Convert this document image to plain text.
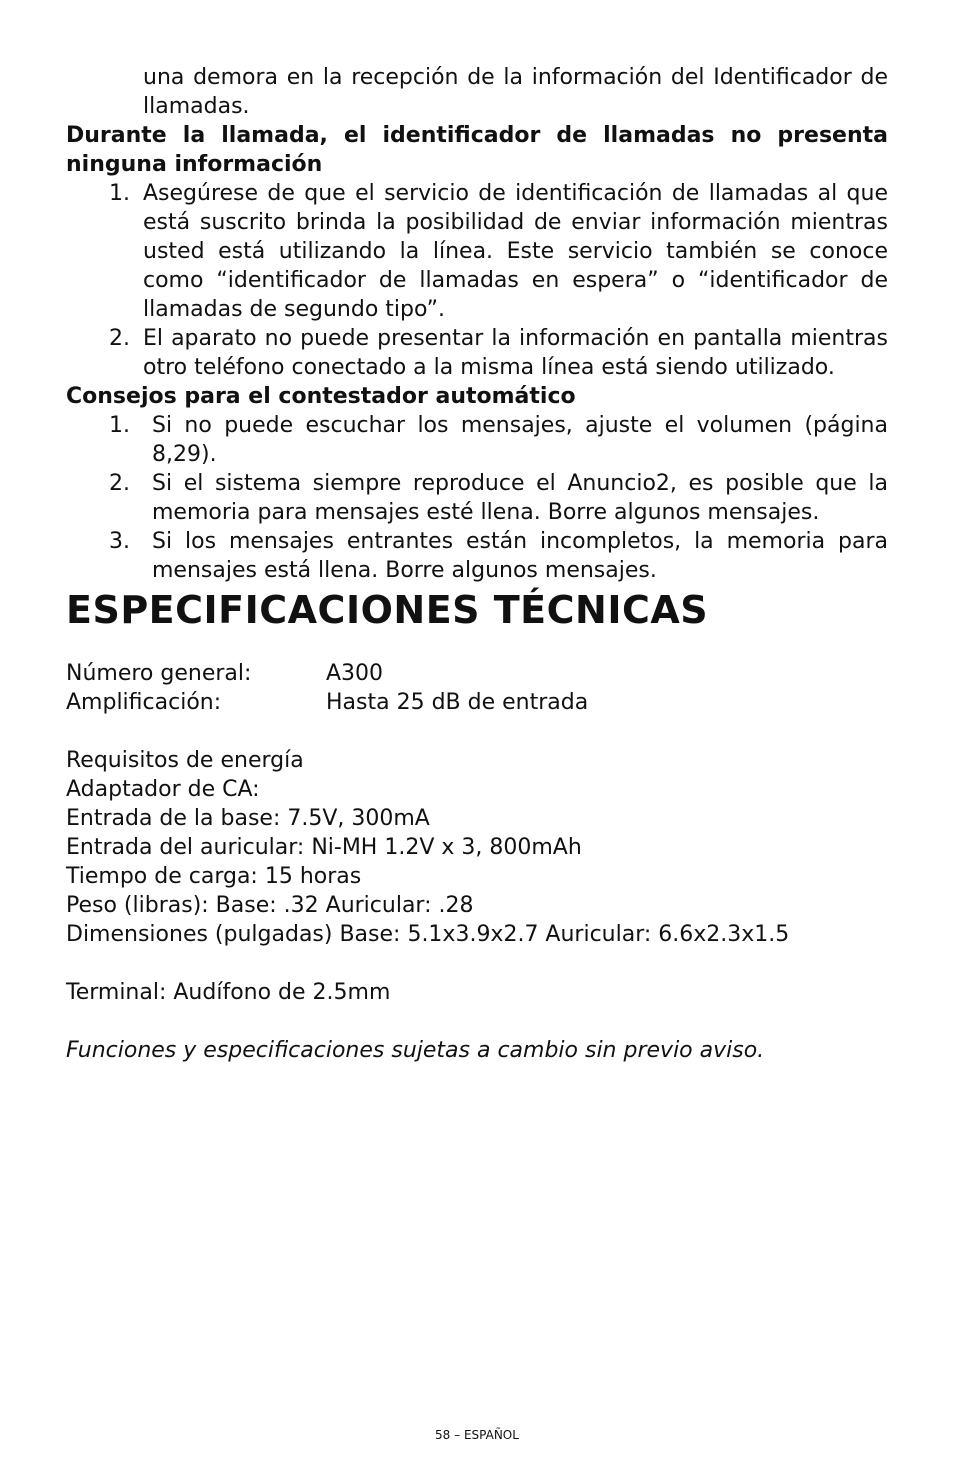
una demora en la recepción de la información del Identificador de llamadas.
Durante la llamada, el identificador de llamadas no presenta ninguna información
1. Asegúrese de que el servicio de identificación de llamadas al que está suscrito brinda la posibilidad de enviar información mientras usted está utilizando la línea. Este servicio también se conoce como “identificador de llamadas en espera” o “identificador de llamadas de segundo tipo”.
2. El aparato no puede presentar la información en pantalla mientras otro teléfono conectado a la misma línea está siendo utilizado.
Consejos para el contestador automático
1. Si no puede escuchar los mensajes, ajuste el volumen (página 8,29).
2. Si el sistema siempre reproduce el Anuncio2, es posible que la memoria para mensajes esté llena. Borre algunos mensajes.
3. Si los mensajes entrantes están incompletos, la memoria para mensajes está llena. Borre algunos mensajes.
ESPECIFICACIONES TÉCNICAS
Número general:	A300
Amplificación:	Hasta 25 dB de entrada
Requisitos de energía
Adaptador de CA:
Entrada de la base: 7.5V, 300mA
Entrada del auricular: Ni-MH 1.2V x 3, 800mAh
Tiempo de carga: 15 horas
Peso (libras): Base: .32 Auricular: .28
Dimensiones (pulgadas) Base: 5.1x3.9x2.7 Auricular: 6.6x2.3x1.5
Terminal: Audífono de 2.5mm
Funciones y especificaciones sujetas a cambio sin previo aviso.
58 – ESPAÑOL
